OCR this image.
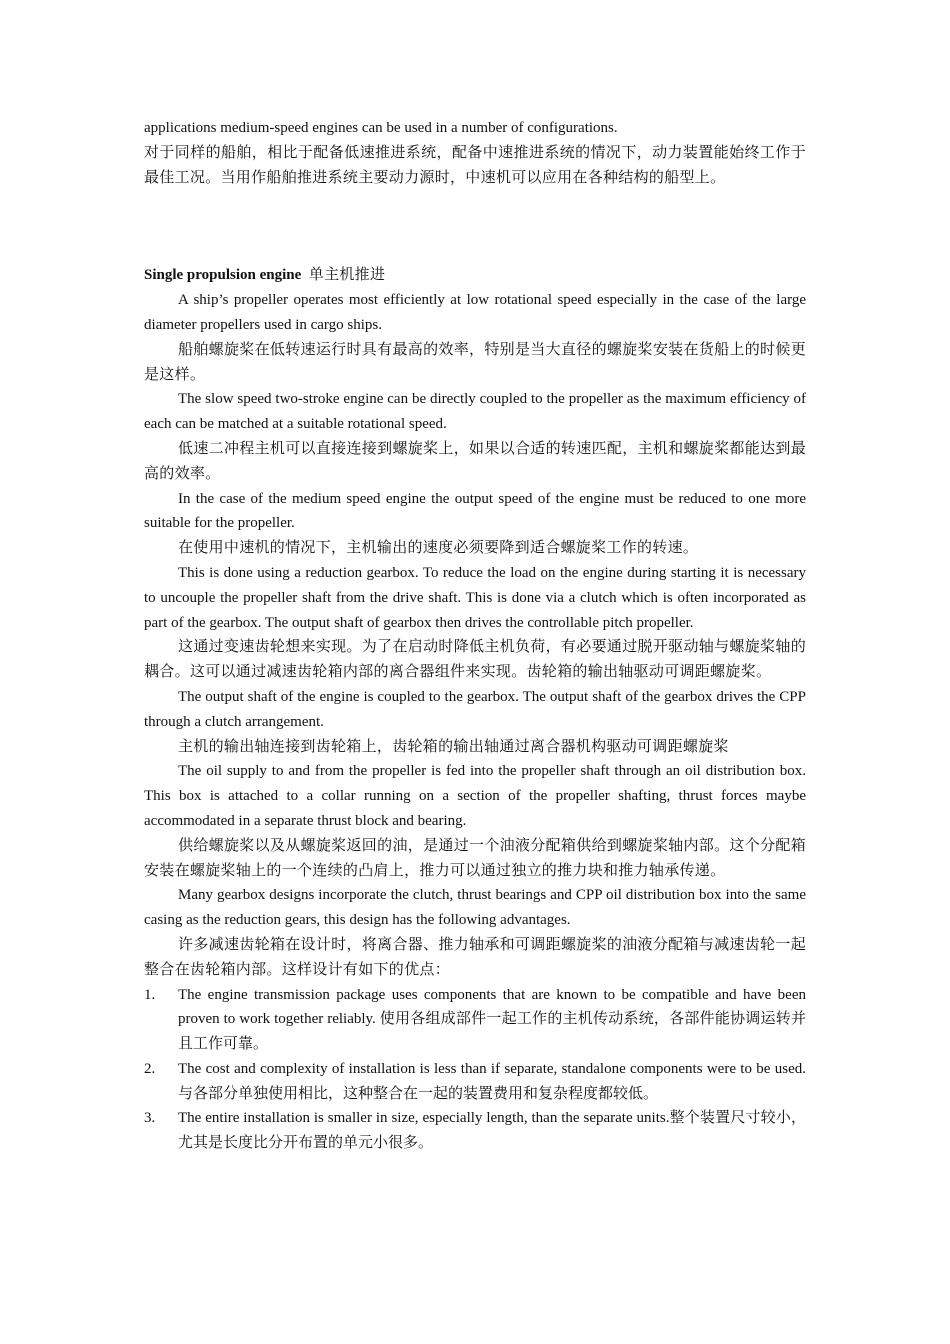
applications medium-speed engines can be used in a number of configurations.

对于同样的船舶，相比于配备低速推进系统，配备中速推进系统的情况下，动力装置能始终工作于最佳工况。当用作船舶推进系统主要动力源时，中速机可以应用在各种结构的船型上。

Single propulsion engine 单主机推进

A ship’s propeller operates most efficiently at low rotational speed especially in the case of the large diameter propellers used in cargo ships.

船舶螺旋桨在低转速运行时具有最高的效率，特别是当大直径的螺旋桨安装在货船上的时候更是这样。

The slow speed two-stroke engine can be directly coupled to the propeller as the maximum efficiency of each can be matched at a suitable rotational speed.

低速二冲程主机可以直接连接到螺旋桨上，如果以合适的转速匹配，主机和螺旋桨都能达到最高的效率。

In the case of the medium speed engine the output speed of the engine must be reduced to one more suitable for the propeller.

在使用中速机的情况下，主机输出的速度必须要降到适合螺旋桨工作的转速。

This is done using a reduction gearbox. To reduce the load on the engine during starting it is necessary to uncouple the propeller shaft from the drive shaft. This is done via a clutch which is often incorporated as part of the gearbox. The output shaft of gearbox then drives the controllable pitch propeller.

这通过变速齿轮想来实现。为了在启动时降低主机负荷，有必要通过脱开驱动轴与螺旋桨轴的耦合。这可以通过减速齿轮箱内部的离合器组件来实现。齿轮箱的输出轴驱动可调距螺旋桨。

The output shaft of the engine is coupled to the gearbox. The output shaft of the gearbox drives the CPP through a clutch arrangement.

主机的输出轴连接到齿轮箱上，齿轮箱的输出轴通过离合器机构驱动可调距螺旋桨

The oil supply to and from the propeller is fed into the propeller shaft through an oil distribution box. This box is attached to a collar running on a section of the propeller shafting, thrust forces maybe accommodated in a separate thrust block and bearing.

供给螺旋桨以及从螺旋桨返回的油，是通过一个油液分配箱供给到螺旋桨轴内部。这个分配箱安装在螺旋桨轴上的一个连续的凸肩上，推力可以通过独立的推力块和推力轴承传递。

Many gearbox designs incorporate the clutch, thrust bearings and CPP oil distribution box into the same casing as the reduction gears, this design has the following advantages.

许多减速齿轮箱在设计时，将离合器、推力轴承和可调距螺旋桨的油液分配箱与减速齿轮一起整合在齿轮箱内部。这样设计有如下的优点：

1. The engine transmission package uses components that are known to be compatible and have been proven to work together reliably. 使用各组成部件一起工作的主机传动系统，各部件能协调运转并且工作可靠。
2. The cost and complexity of installation is less than if separate, standalone components were to be used. 与各部分单独使用相比，这种整合在一起的装置费用和复杂程度都较低。
3. The entire installation is smaller in size, especially length, than the separate units.整个装置尺寸较小，尤其是长度比分开布置的单元小很多。
